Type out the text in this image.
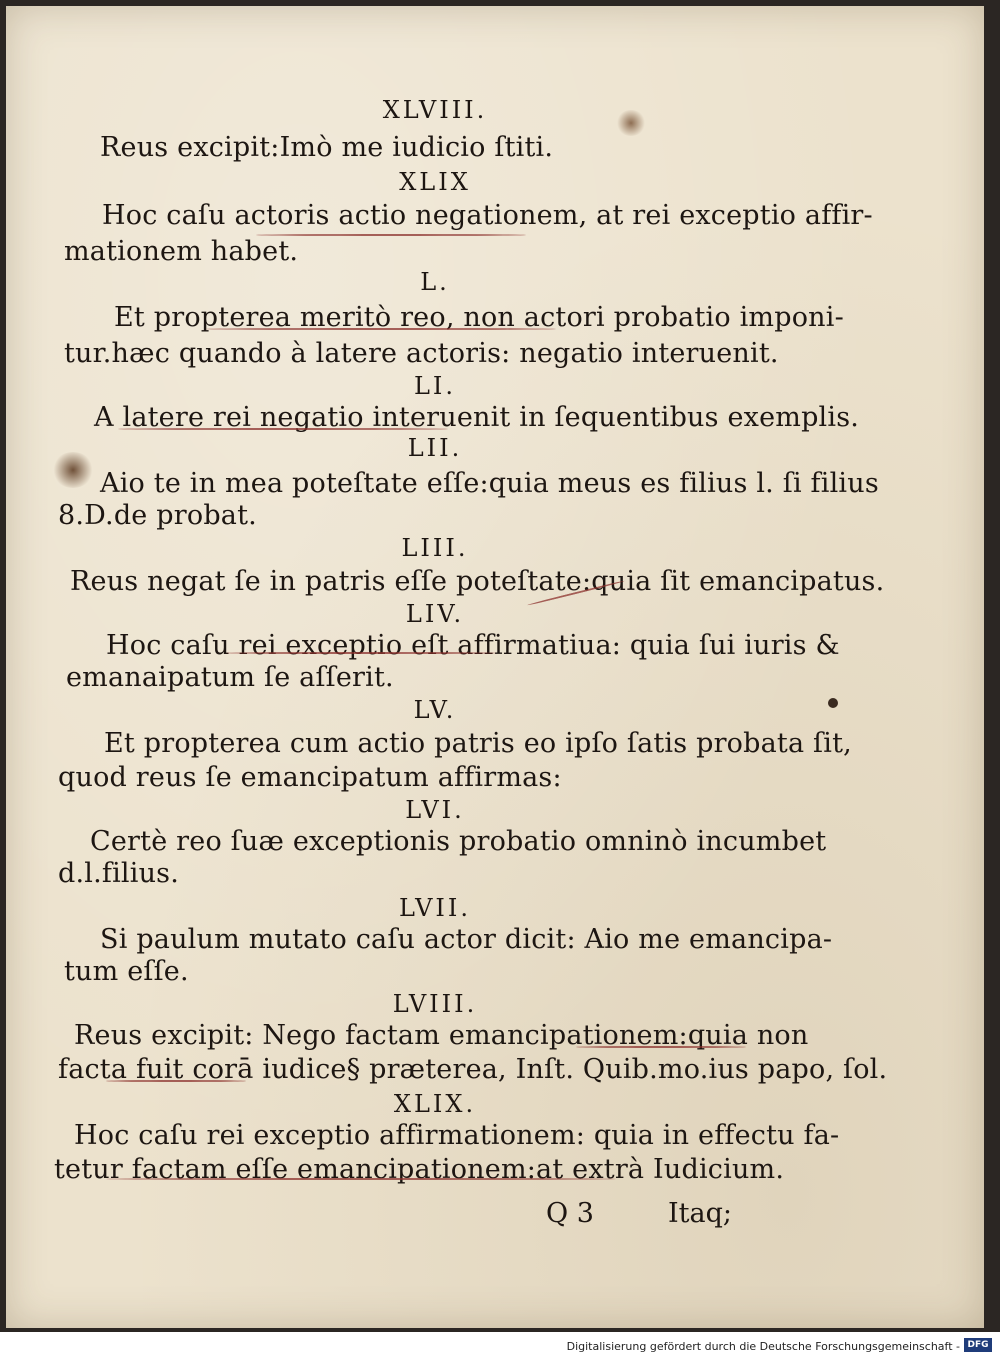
XLVIII.
Reus excipit:Imò me iudicio ſtiti.
XLIX
Hoc caſu actoris actio negationem, at rei exceptio affir-
mationem habet.
L.
Et propterea meritò reo, non actori probatio imponi-
tur.hæc quando à latere actoris: negatio interuenit.
LI.
A latere rei negatio interuenit in ſequentibus exemplis.
LII.
Aio te in mea poteſtate eſſe:quia meus es filius l. ſi filius
8.D.de probat.
LIII.
Reus negat ſe in patris eſſe poteſtate:quia ſit emancipatus.
LIV.
Hoc caſu rei exceptio eſt affirmatiua: quia ſui iuris &
emanaipatum ſe aſſerit.
LV.
Et propterea cum actio patris eo ipſo ſatis probata ſit,
quod reus ſe emancipatum affirmas:
LVI.
Certè reo ſuæ exceptionis probatio omninò incumbet
d.l.filius.
LVII.
Si paulum mutato caſu actor dicit: Aio me emancipa-
tum eſſe.
LVIII.
Reus excipit: Nego factam emancipationem:quia non
facta fuit corā iudice§ præterea, Inſt. Quib.mo.ius papo, ſol.
XLIX.
Hoc caſu rei exceptio affirmationem: quia in effectu fa-
tetur factam eſſe emancipationem:at extrà Iudicium.
Q 3	Itaq;
Digitalisierung gefördert durch die Deutsche Forschungsgemeinschaft - DFG
